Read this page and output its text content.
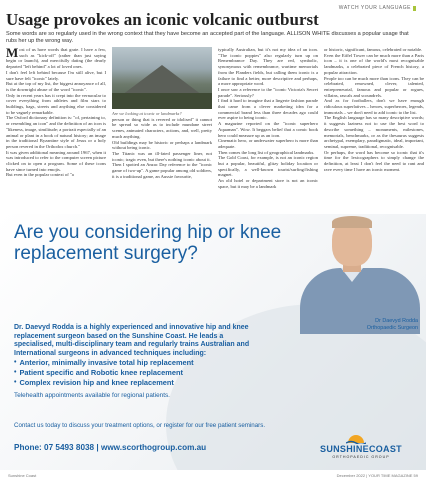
WATCH YOUR LANGUAGE
Usage provokes an iconic volcanic outburst

Some words are so regularly used in the wrong context that they have become an accepted part of the language. ALLISON WHITE discusses a popular usage that rubs her up the wrong way.

Most of us have words that grate. I have a few, such as "kick-off" (rather than just saying begin or launch), and mercifully dating (the dearly departed "left behind" a lot of loved ones.

I don't feel left behind because I'm still alive, but I sure have felt "iconic" lately.

But at the top of my list, the biggest annoyance of all, is the downright abuse of the word "iconic".

Only in recent years has it crept into the vernacular to cover everything from athletes and film stars to buildings, bags, streets and anything else considered to be vaguely remarkable.

The Oxford dictionary definition is: "of, pertaining to, or resembling an icon" and the definition of an icon is "likeness, image, similitude; a portrait especially of an animal or plant in a book of natural history; an image in the traditional Byzantine style of Jesus or a holy person revered in the Orthodox church."

It was given additional meaning around 1967, when it was introduced to refer to the computer screen picture clicked on to open a program. Some of these icons have since turned into emojis.

But even in the popular context of "a

Are we looking at iconic or landmarks?

person or thing that is revered or idolised" it cannot be spread so wide as to include mundane street scenes, animated characters, actions, and, well, pretty much anything.

Old buildings may be historic or perhaps a landmark without being iconic.

The Titanic was an ill-fated passenger liner, not iconic; tragic even, but there's nothing iconic about it.

Then I spotted an Anzac Day reference to the "iconic game of two-up". A game popular among old soldiers, it is a traditional game, an Aussie favourite,

typically Australian, but it's not my idea of an icon. "The iconic poppies" also regularly turn up on Remembrance Day. They are red, symbolic, synonymous with remembrance, wartime memorials from the Flanders fields, but calling them iconic is a failure to find a better, more descriptive and perhaps, a more appropriate word.

I once saw a reference to the "iconic Victoria's Secret parade". Seriously?

I find it hard to imagine that a lingerie fashion parade that came from a clever marketing idea for a commercial brand less than three decades ago could ever aspire to being iconic.

A magazine reported on the "iconic superhero Aquaman". Wow. It beggars belief that a comic book hero could measure up as an icon.

Cinematic hero, or underwater superhero is more than adequate.

Then comes the long list of geographical landmarks.

The Gold Coast, for example, is not an iconic region but a popular, beautiful, glitzy holiday location or specifically, a well-known tourist/surfing/fishing magnet.

An old hotel or department store is not an iconic space, but it may be a landmark

or historic, significant, famous, celebrated or notable.

Even the Eiffel Tower can be much more than a Paris icon – it is one of the world's most recognisable landmarks, a celebrated piece of French history, a popular attraction.

People too can be much more than icons. They can be celebrated, renowned, clever, talented, entrepreneurial, famous and popular or rogues, villains, rascals and scoundrels.

And as for footballers, don't we have enough ridiculous superlatives – heroes, superheroes, legends, immortals – we don't need to add iconic to the list.

The English language has so many descriptive words; it suggests laziness not to use the best word to describe something – monuments, milestones, memorials, benchmarks, or as the thesaurus suggests archetypal, exemplary, paradigmatic, ideal, important, seminal, supreme, traditional, recognisable.

Or perhaps, the word has become so iconic that it's time for the lexicographers to simply change the definition, at least I don't feel the need to rant and rave every time I have an iconic moment.

Are you considering hip or knee replacement surgery?
Dr Daevyd Rodda
Orthopaedic Surgeon

Dr. Daevyd Rodda is a highly experienced and innovative hip and knee replacement surgeon based on the Sunshine Coast. He leads a specialised, multi-disciplinary team and regularly trains Australian and International surgeons in advanced techniques including:

• Anterior, minimally invasive total hip replacement
• Patient specific and Robotic knee replacement
• Complex revision hip and knee replacement

Telehealth appointments available for regional patients.

Contact us today to discuss your treatment options, or register for our free patient seminars.

Phone: 07 5493 8038 | www.scorthogroup.com.au	SUNSHINECOAST
ORTHOPAEDIC GROUP
Sunshine Coast	December 2022 | YOUR TIME MAGAZINE 59
